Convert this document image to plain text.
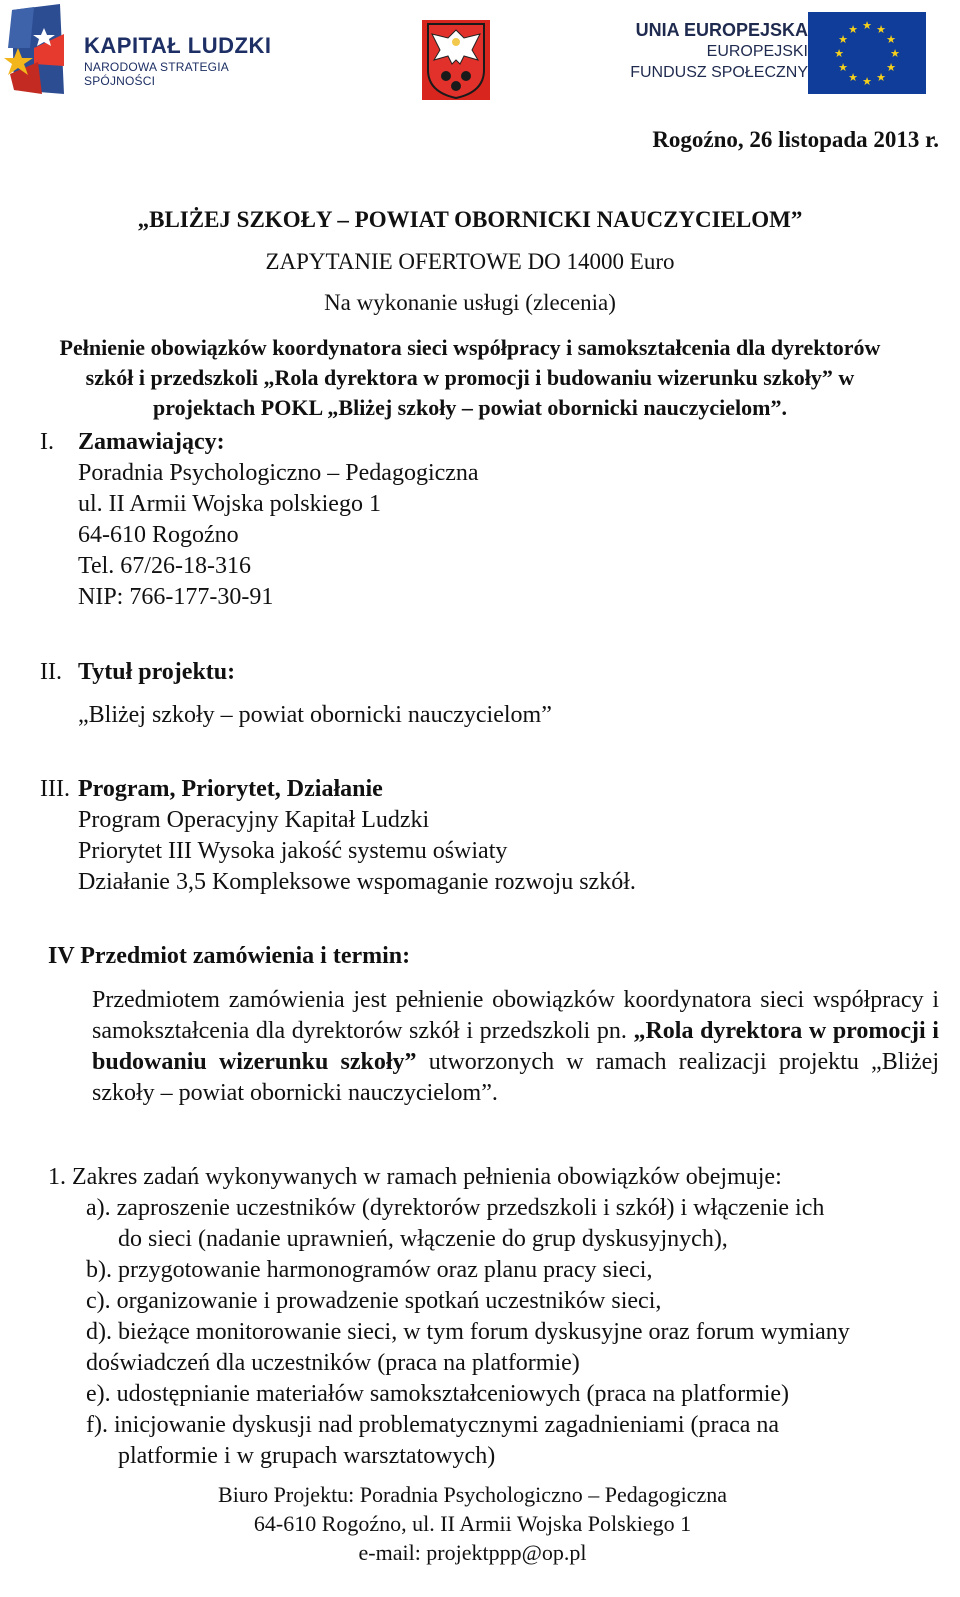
KAPITAŁ LUDZKI
NARODOWA STRATEGIA SPÓJNOŚCI
UNIA EUROPEJSKA
EUROPEJSKI
FUNDUSZ SPOŁECZNY
★ ★
★
★
★
★
★
★
★
★
★
★

Rogoźno, 26 listopada 2013 r.

„BLIŻEJ SZKOŁY – POWIAT OBORNICKI NAUCZYCIELOM”

ZAPYTANIE OFERTOWE DO 14000 Euro

Na wykonanie usługi (zlecenia)

Pełnienie obowiązków koordynatora sieci współpracy i samokształcenia dla dyrektorów
szkół i przedszkoli „Rola dyrektora w promocji i budowaniu wizerunku szkoły” w
projektach POKL „Bliżej szkoły – powiat obornicki nauczycielom”.
I. Zamawiający:
Poradnia Psychologiczno – Pedagogiczna
ul. II Armii Wojska polskiego 1
64-610 Rogoźno
Tel. 67/26-18-316
NIP: 766-177-30-91
II. Tytuł projektu:
„Bliżej szkoły – powiat obornicki nauczycielom”
III. Program, Priorytet, Działanie
Program Operacyjny Kapitał Ludzki
Priorytet III Wysoka jakość systemu oświaty
Działanie 3,5 Kompleksowe wspomaganie rozwoju szkół.
IV Przedmiot zamówienia i termin:

Przedmiotem zamówienia jest pełnienie obowiązków koordynatora sieci współpracy i samokształcenia dla dyrektorów szkół i przedszkoli pn. „Rola dyrektora w promocji i budowaniu wizerunku szkoły” utworzonych w ramach realizacji projektu „Bliżej szkoły – powiat obornicki nauczycielom”.

1. Zakres zadań wykonywanych w ramach pełnienia obowiązków obejmuje:
a). zaproszenie uczestników (dyrektorów przedszkoli i szkół) i włączenie ich
do sieci (nadanie uprawnień, włączenie do grup dyskusyjnych),
b). przygotowanie harmonogramów oraz planu pracy sieci,
c). organizowanie i prowadzenie spotkań uczestników sieci,
d). bieżące monitorowanie sieci, w tym forum dyskusyjne oraz forum wymiany
doświadczeń dla uczestników (praca na platformie)
e). udostępnianie materiałów samokształceniowych (praca na platformie)
f). inicjowanie dyskusji nad problematycznymi zagadnieniami (praca na
platformie i w grupach warsztatowych)
Biuro Projektu: Poradnia Psychologiczno – Pedagogiczna
64-610 Rogoźno, ul. II Armii Wojska Polskiego 1
e-mail: projektppp@op.pl
